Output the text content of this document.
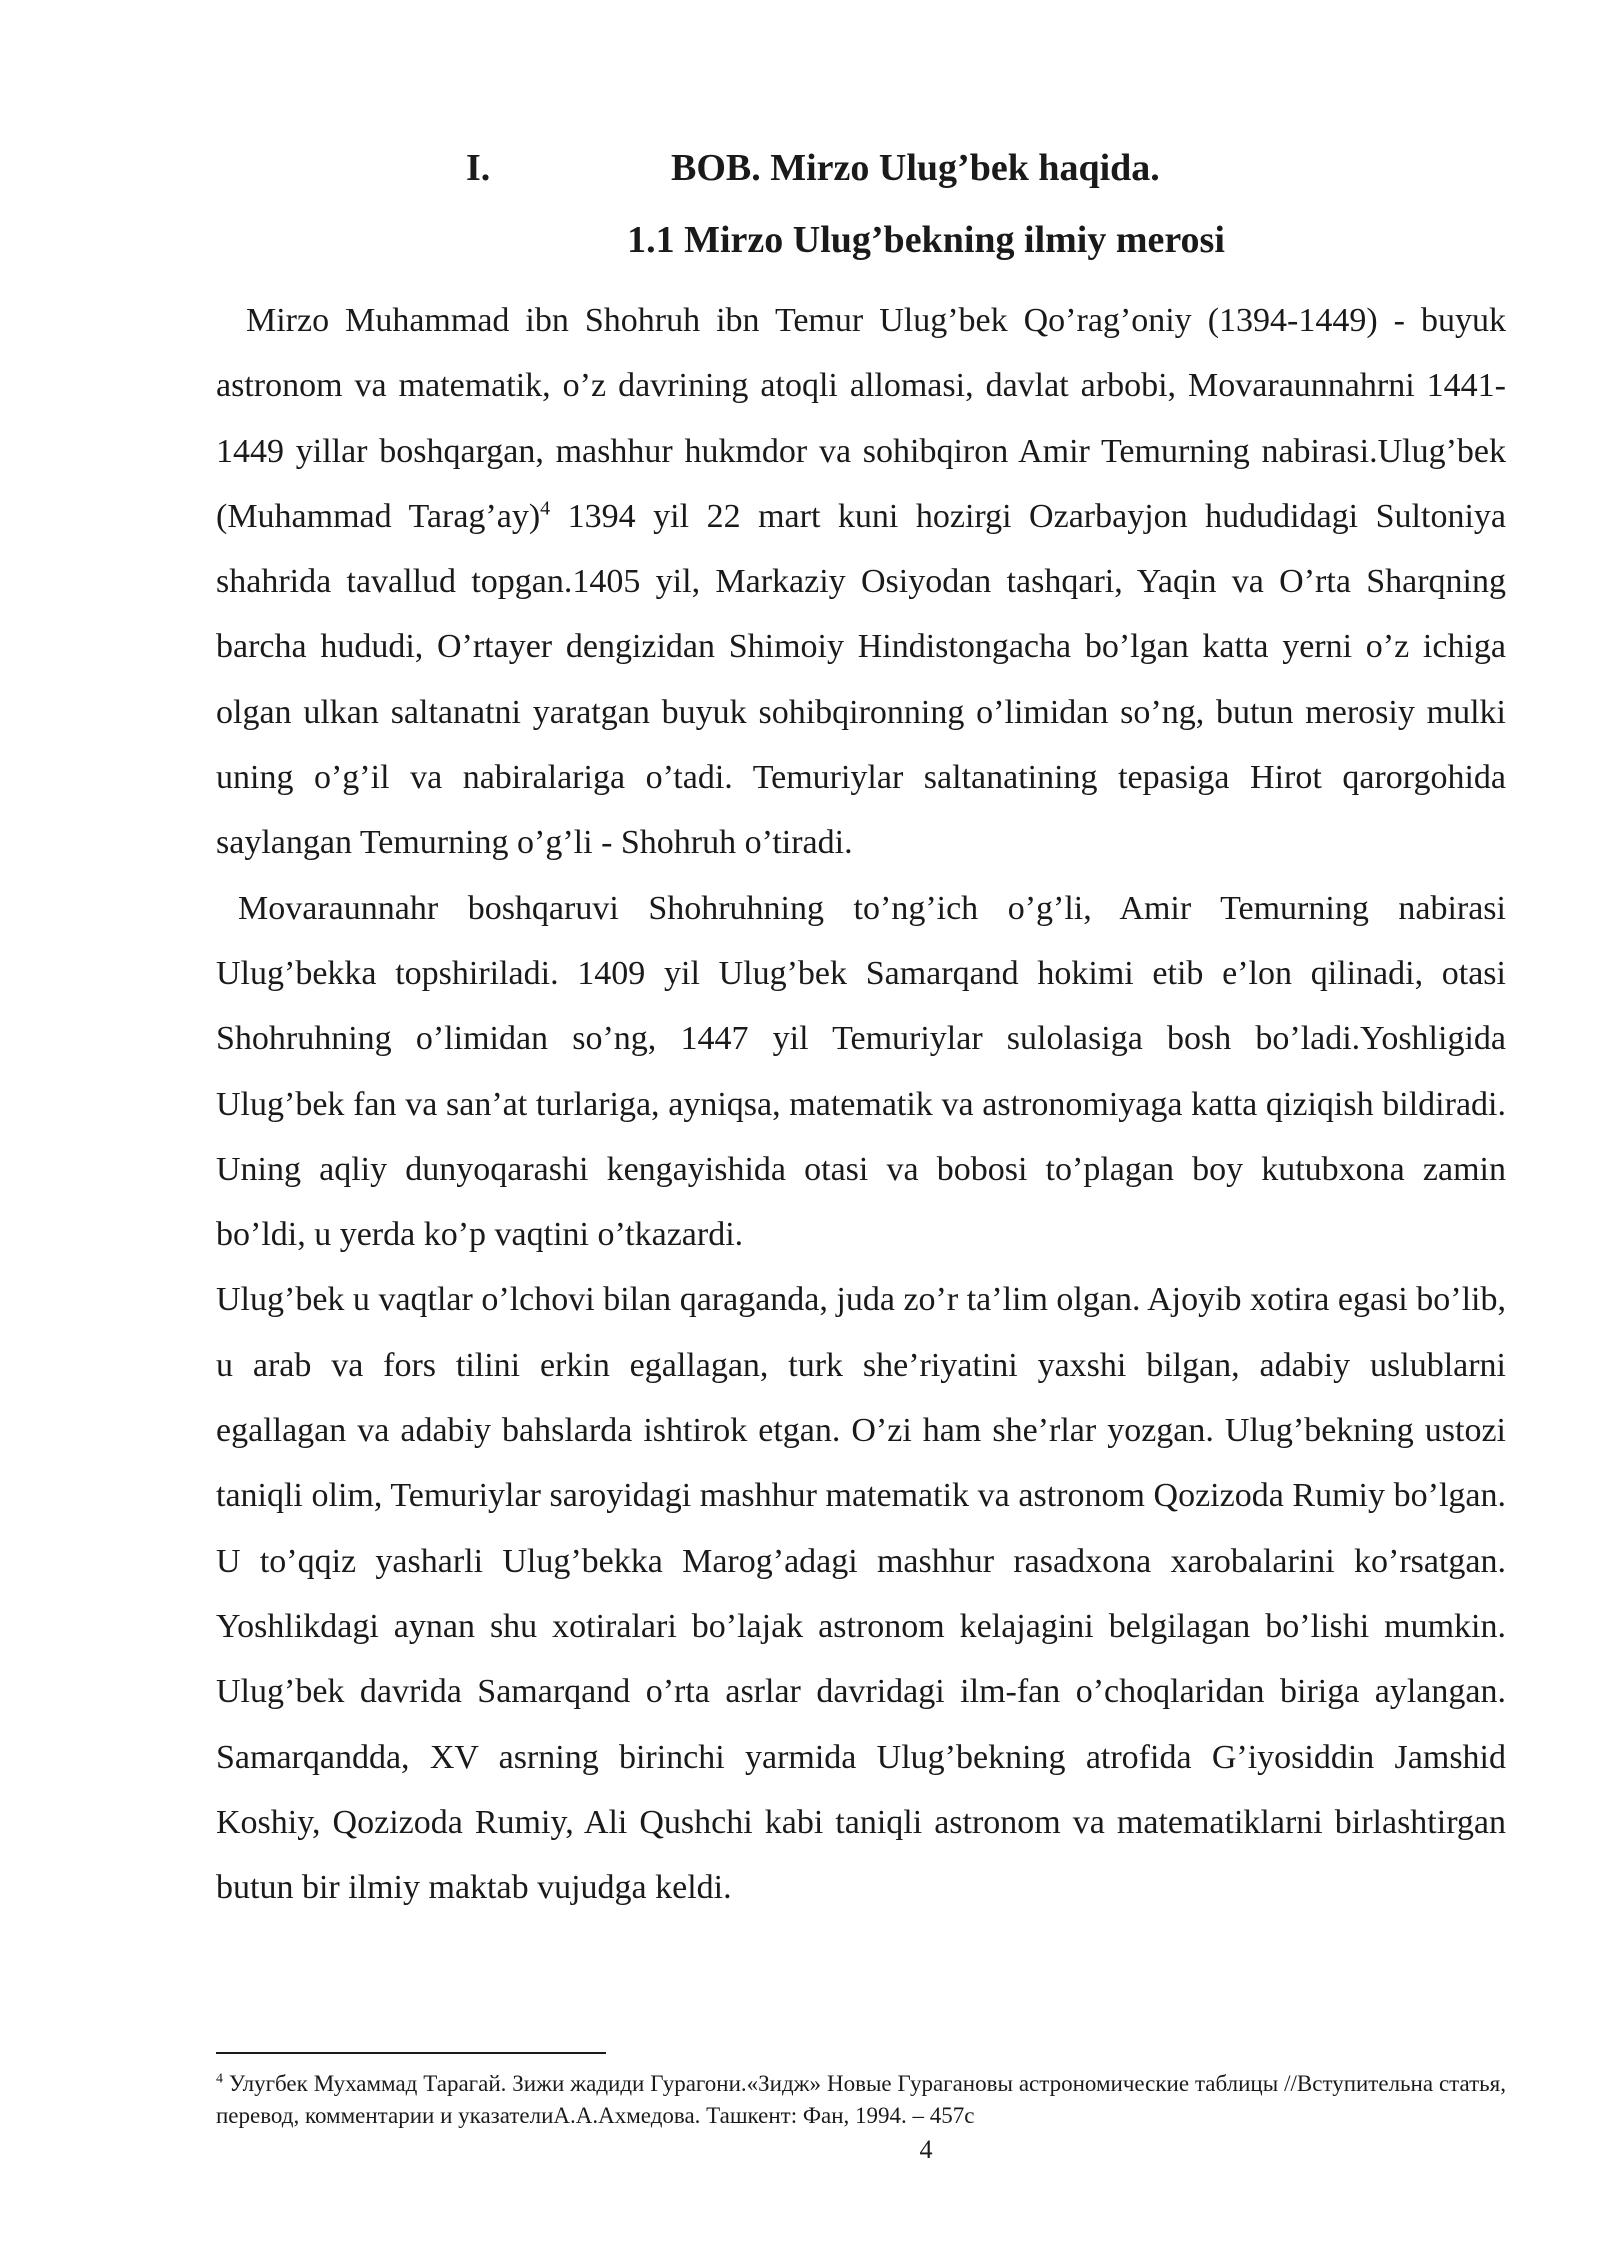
I.	BOB. Mirzo Ulug’bek haqida.
1.1 Mirzo Ulug’bekning ilmiy merosi

Mirzo Muhammad ibn Shohruh ibn Temur Ulug’bek Qo’rag’oniy (1394-1449) - buyuk astronom va matematik, o’z davrining atoqli allomasi, davlat arbobi, Movaraunnahrni 1441-1449 yillar boshqargan, mashhur hukmdor va sohibqiron Amir Temurning nabirasi.Ulug’bek (Muhammad Tarag’ay)$^4$ 1394 yil 22 mart kuni hozirgi Ozarbayjon hududidagi Sultoniya shahrida tavallud topgan.1405 yil, Markaziy Osiyodan tashqari, Yaqin va O’rta Sharqning barcha hududi, O’rtayer dengizidan Shimoiy Hindistongacha bo’lgan katta yerni o’z ichiga olgan ulkan saltanatni yaratgan buyuk sohibqironning o’limidan so’ng, butun merosiy mulki uning o’g’il va nabiralariga o’tadi. Temuriylar saltanatining tepasiga Hirot qarorgohida saylangan Temurning o’g’li - Shohruh o’tiradi.

Movaraunnahr boshqaruvi Shohruhning to’ng’ich o’g’li, Amir Temurning nabirasi Ulug’bekka topshiriladi. 1409 yil Ulug’bek Samarqand hokimi etib e’lon qilinadi, otasi Shohruhning o’limidan so’ng, 1447 yil Temuriylar sulolasiga bosh bo’ladi.Yoshligida Ulug’bek fan va san’at turlariga, ayniqsa, matematik va astronomiyaga katta qiziqish bildiradi. Uning aqliy dunyoqarashi kengayishida otasi va bobosi to’plagan boy kutubxona zamin bo’ldi, u yerda ko’p vaqtini o’tkazardi.

Ulug’bek u vaqtlar o’lchovi bilan qaraganda, juda zo’r ta’lim olgan. Ajoyib xotira egasi bo’lib, u arab va fors tilini erkin egallagan, turk she’riyatini yaxshi bilgan, adabiy uslublarni egallagan va adabiy bahslarda ishtirok etgan. O’zi ham she’rlar yozgan. Ulug’bekning ustozi taniqli olim, Temuriylar saroyidagi mashhur matematik va astronom Qozizoda Rumiy bo’lgan. U to’qqiz yasharli Ulug’bekka Marog’adagi mashhur rasadxona xarobalarini ko’rsatgan. Yoshlikdagi aynan shu xotiralari bo’lajak astronom kelajagini belgilagan bo’lishi mumkin. Ulug’bek davrida Samarqand o’rta asrlar davridagi ilm-fan o’choqlaridan biriga aylangan. Samarqandda, XV asrning birinchi yarmida Ulug’bekning atrofida G’iyosiddin Jamshid Koshiy, Qozizoda Rumiy, Ali Qushchi kabi taniqli astronom va matematiklarni birlashtirgan butun bir ilmiy maktab vujudga keldi.

$^4$ Улугбек Мухаммад Тарагай. Зижи жадиди Гурагони.«Зидж» Новые Гурагановы астрономические таблицы //Вступительна статья, перевод, комментарии и указателиА.А.Ахмедова. Ташкент: Фан, 1994. – 457с
4
